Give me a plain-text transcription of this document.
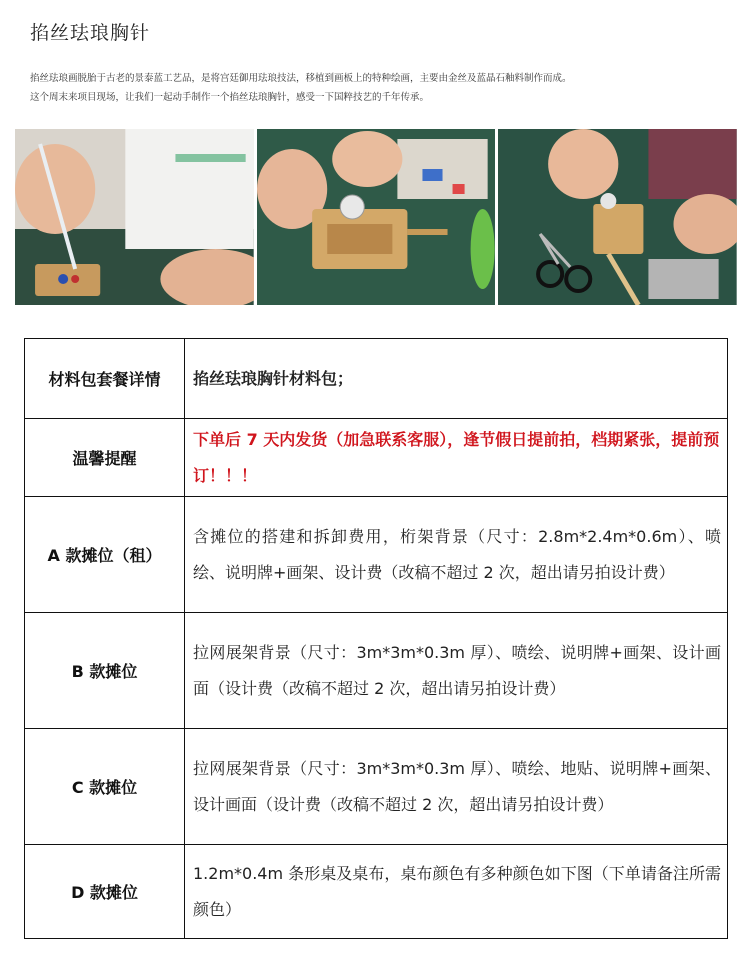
掐丝珐琅胸针

掐丝珐琅画脱胎于古老的景泰蓝工艺品，是将宫廷御用珐琅技法，移植到画板上的特种绘画，主要由金丝及蓝晶石釉料制作而成。

这个周末来项目现场，让我们一起动手制作一个掐丝珐琅胸针，感受一下国粹技艺的千年传承。

材料包套餐详情	掐丝珐琅胸针材料包；
温馨提醒	下单后 7 天内发货（加急联系客服），逢节假日提前拍，档期紧张，提前预订！！！
A 款摊位（租）	含摊位的搭建和拆卸费用，桁架背景（尺寸：2.8m*2.4m*0.6m）、喷绘、说明牌+画架、设计费（改稿不超过 2 次，超出请另拍设计费）
B 款摊位	拉网展架背景（尺寸：3m*3m*0.3m 厚）、喷绘、说明牌+画架、设计画面（设计费（改稿不超过 2 次，超出请另拍设计费）
C 款摊位	拉网展架背景（尺寸：3m*3m*0.3m 厚）、喷绘、地贴、说明牌+画架、设计画面（设计费（改稿不超过 2 次，超出请另拍设计费）
D 款摊位	1.2m*0.4m 条形桌及桌布，桌布颜色有多种颜色如下图（下单请备注所需颜色）
